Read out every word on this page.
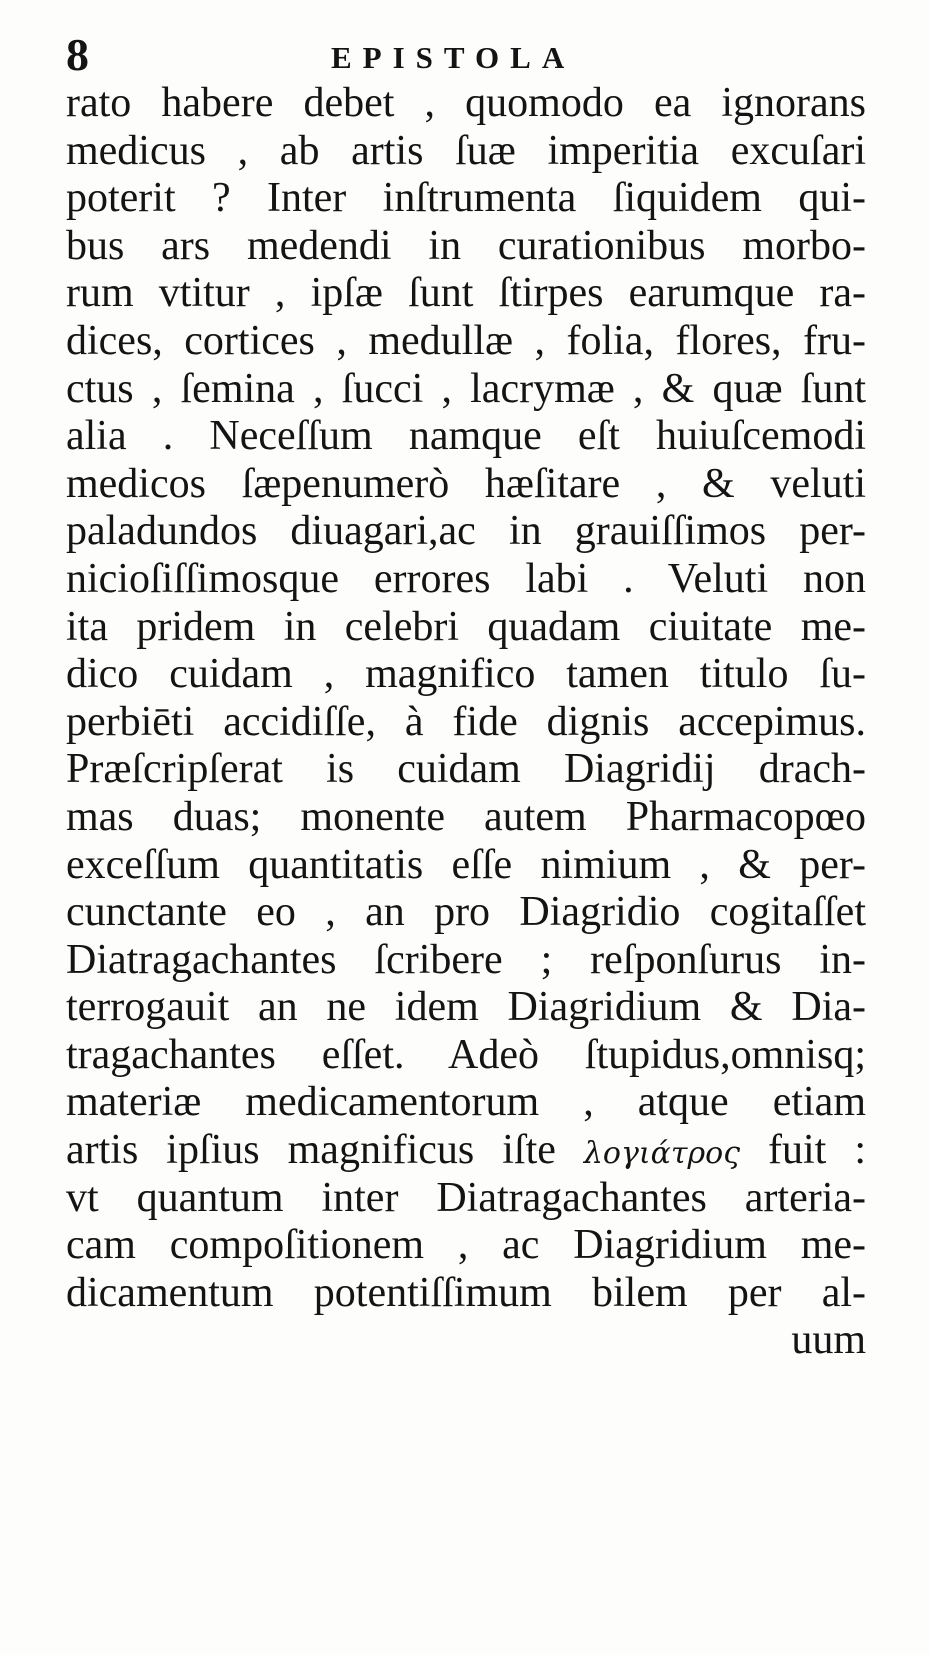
8	EPISTOLA
rato habere debet , quomodo ea ignorans
medicus , ab artis ſuæ imperitia excuſari
poterit ? Inter inſtrumenta ſiquidem qui-
bus ars medendi in curationibus morbo-
rum vtitur , ipſæ ſunt ſtirpes earumque ra-
dices, cortices , medullæ , folia, flores, fru-
ctus , ſemina , ſucci , lacrymæ , & quæ ſunt
alia . Neceſſum namque eſt huiuſcemodi
medicos ſæpenumerò hæſitare , & veluti
paladundos diuagari,ac in grauiſſimos per-
nicioſiſſimosque errores labi . Veluti non
ita pridem in celebri quadam ciuitate me-
dico cuidam , magnifico tamen titulo ſu-
perbiēti accidiſſe, à fide dignis accepimus.
Præſcripſerat is cuidam Diagridij drach-
mas duas; monente autem Pharmacopœo
exceſſum quantitatis eſſe nimium , & per-
cunctante eo , an pro Diagridio cogitaſſet
Diatragachantes ſcribere ; reſponſurus in-
terrogauit an ne idem Diagridium & Dia-
tragachantes eſſet. Adeò ſtupidus,omnisq;
materiæ medicamentorum , atque etiam
artis ipſius magnificus iſte λογιάτρος fuit :
vt quantum inter Diatragachantes arteria-
cam compoſitionem , ac Diagridium me-
dicamentum potentiſſimum bilem per al-
uum
